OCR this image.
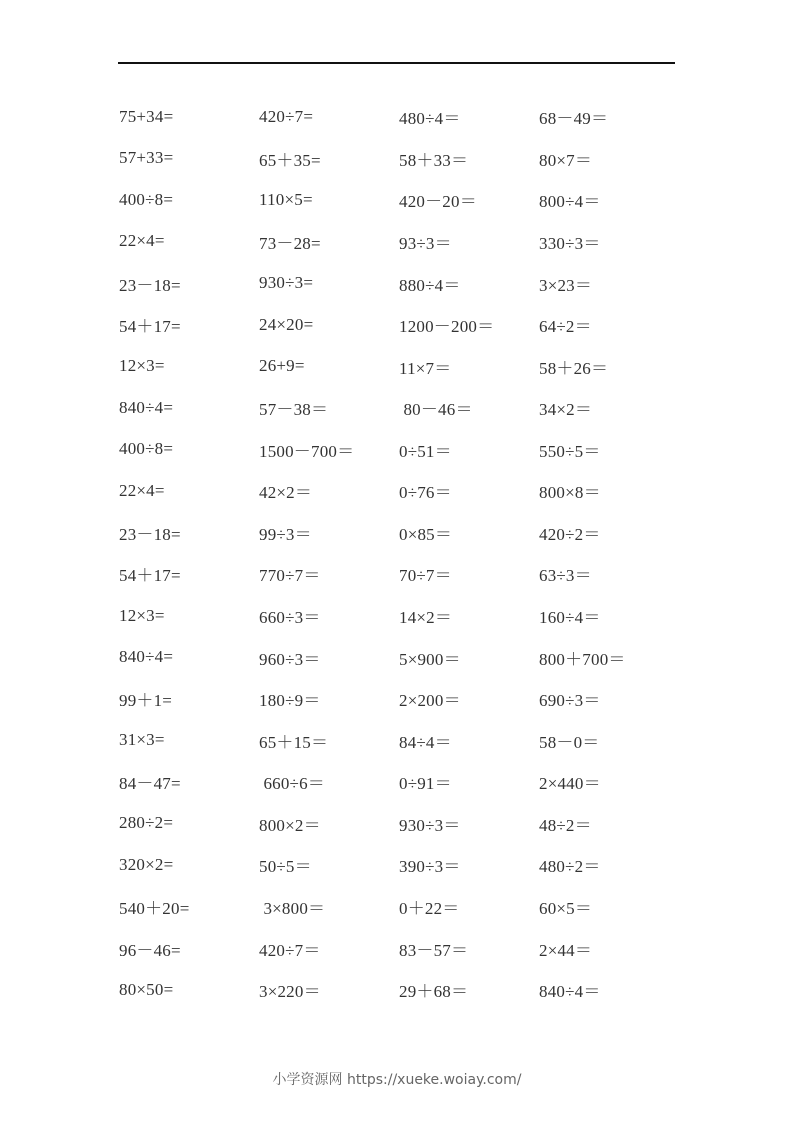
75+34=	420÷7=	480÷4＝	68－49＝
57+33=	65＋35=	58＋33＝	80×7＝
400÷8=	110×5=	420－20＝	800÷4＝
22×4=	73－28=	93÷3＝	330÷3＝
23－18=	930÷3=	880÷4＝	3×23＝
54＋17=	24×20=	1200－200＝	64÷2＝
12×3=	26+9=	11×7＝	58＋26＝
840÷4=	57－38＝	80－46＝	34×2＝
400÷8=	1500－700＝	0÷51＝	550÷5＝
22×4=	42×2＝	0÷76＝	800×8＝
23－18=	99÷3＝	0×85＝	420÷2＝
54＋17=	770÷7＝	70÷7＝	63÷3＝
12×3=	660÷3＝	14×2＝	160÷4＝
840÷4=	960÷3＝	5×900＝	800＋700＝
99＋1=	180÷9＝	2×200＝	690÷3＝
31×3=	65＋15＝	84÷4＝	58－0＝
84－47=	660÷6＝	0÷91＝	2×440＝
280÷2=	800×2＝	930÷3＝	48÷2＝
320×2=	50÷5＝	390÷3＝	480÷2＝
540＋20=	3×800＝	0＋22＝	60×5＝
96－46=	420÷7＝	83－57＝	2×44＝
80×50=	3×220＝	29＋68＝	840÷4＝
小学资源网 https://xueke.woiay.com/
